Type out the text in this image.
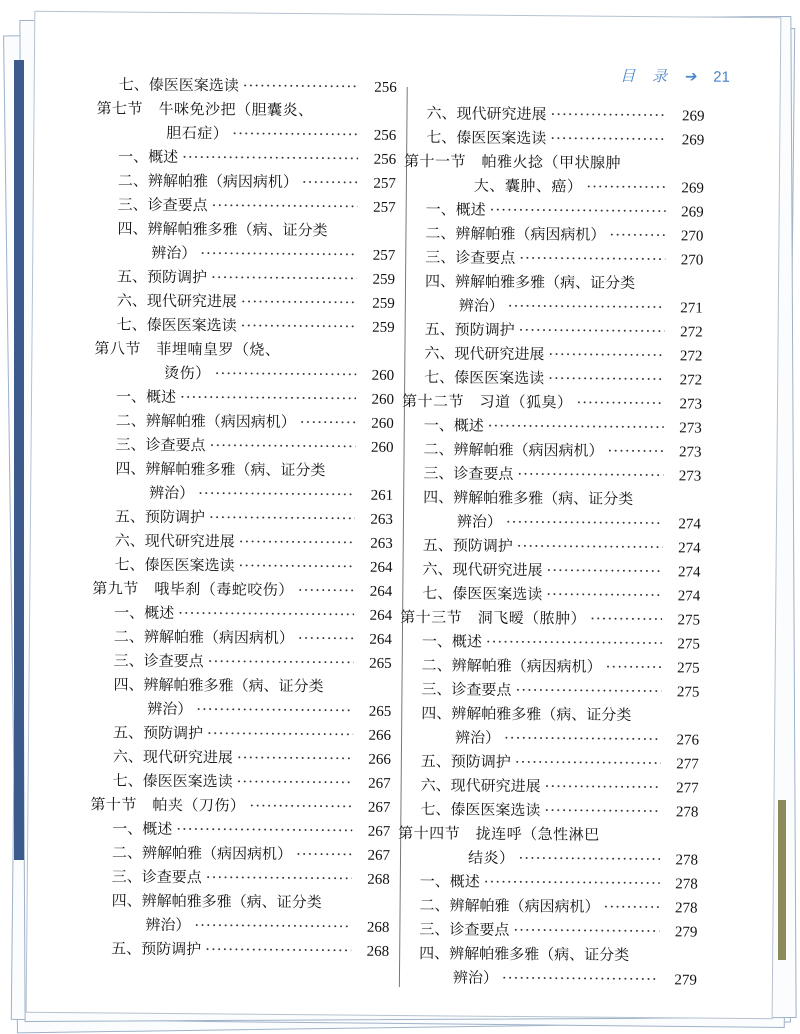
目 录 ➔ 21
七、傣医医案选读 ·····	256
第七节　牛咪免沙把（胆囊炎、
胆石症） ·····	256
一、概述 ·····	256
二、辨解帕雅（病因病机） ·····	257
三、诊查要点 ·····	257
四、辨解帕雅多雅（病、证分类
辨治） ·····	257
五、预防调护 ·····	259
六、现代研究进展 ·····	259
七、傣医医案选读 ·····	259
第八节　菲埋喃皇罗（烧、
烫伤） ·····	260
一、概述 ·····	260
二、辨解帕雅（病因病机） ·····	260
三、诊查要点 ·····	260
四、辨解帕雅多雅（病、证分类
辨治） ·····	261
五、预防调护 ·····	263
六、现代研究进展 ·····	263
七、傣医医案选读 ·····	264
第九节　哦毕刹（毒蛇咬伤） ·····	264
一、概述 ·····	264
二、辨解帕雅（病因病机） ·····	264
三、诊查要点 ·····	265
四、辨解帕雅多雅（病、证分类
辨治） ·····	265
五、预防调护 ·····	266
六、现代研究进展 ·····	266
七、傣医医案选读 ·····	267
第十节　帕夹（刀伤） ·····	267
一、概述 ·····	267
二、辨解帕雅（病因病机） ·····	267
三、诊查要点 ·····	268
四、辨解帕雅多雅（病、证分类
辨治） ·····	268
五、预防调护 ·····	268
六、现代研究进展 ·····	269
七、傣医医案选读 ·····	269
第十一节　帕雅火捻（甲状腺肿
大、囊肿、癌） ·····	269
一、概述 ·····	269
二、辨解帕雅（病因病机） ·····	270
三、诊查要点 ·····	270
四、辨解帕雅多雅（病、证分类
辨治） ·····	271
五、预防调护 ·····	272
六、现代研究进展 ·····	272
七、傣医医案选读 ·····	272
第十二节　习道（狐臭） ·····	273
一、概述 ·····	273
二、辨解帕雅（病因病机） ·····	273
三、诊查要点 ·····	273
四、辨解帕雅多雅（病、证分类
辨治） ·····	274
五、预防调护 ·····	274
六、现代研究进展 ·····	274
七、傣医医案选读 ·····	274
第十三节　洞飞暧（脓肿） ·····	275
一、概述 ·····	275
二、辨解帕雅（病因病机） ·····	275
三、诊查要点 ·····	275
四、辨解帕雅多雅（病、证分类
辨治） ·····	276
五、预防调护 ·····	277
六、现代研究进展 ·····	277
七、傣医医案选读 ·····	278
第十四节　拢连呼（急性淋巴
结炎） ·····	278
一、概述 ·····	278
二、辨解帕雅（病因病机） ·····	278
三、诊查要点 ·····	279
四、辨解帕雅多雅（病、证分类
辨治） ·····	279
